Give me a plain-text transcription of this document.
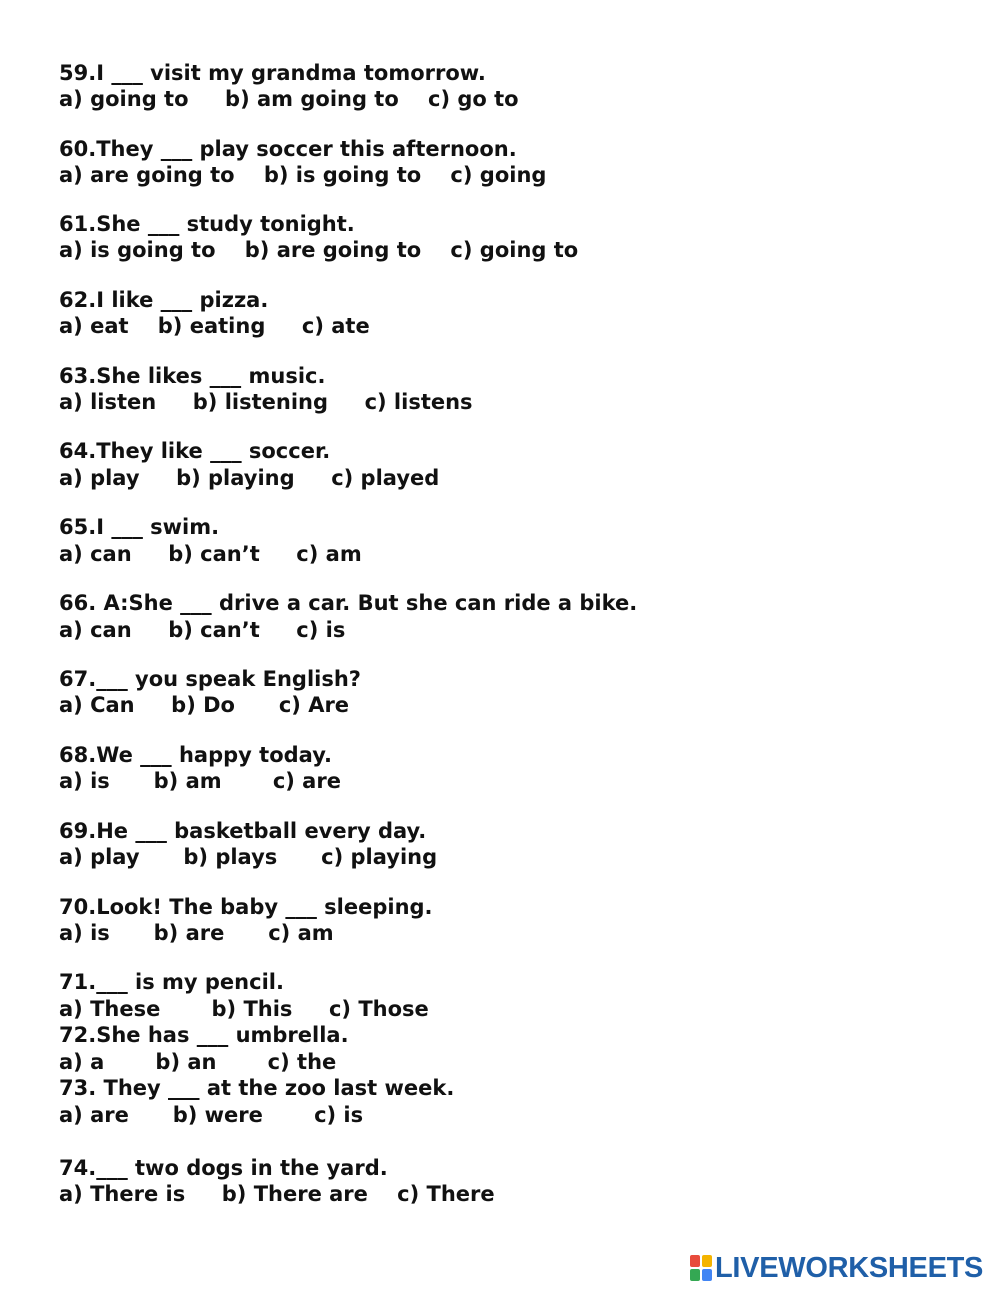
59.I ___ visit my grandma tomorrow.

a) going to     b) am going to    c) go to

60.They ___ play soccer this afternoon.

a) are going to    b) is going to    c) going

61.She ___ study tonight.

a) is going to    b) are going to    c) going to

62.I like ___ pizza.

a) eat    b) eating     c) ate

63.She likes ___ music.

a) listen     b) listening     c) listens

64.They like ___ soccer.

a) play     b) playing     c) played

65.I ___ swim.

a) can     b) can’t     c) am

66. A:She ___ drive a car. But she can ride a bike.

a) can     b) can’t     c) is

67.___ you speak English?

a) Can     b) Do      c) Are

68.We ___ happy today.

a) is      b) am       c) are

69.He ___ basketball every day.

a) play      b) plays      c) playing

70.Look! The baby ___ sleeping.

a) is      b) are      c) am

71.___ is my pencil.

a) These       b) This     c) Those

72.She has ___ umbrella.

a) a       b) an       c) the

73. They ___ at the zoo last week.

a) are      b) were       c) is

74.___ two dogs in the yard.

a) There is     b) There are    c) There

LIVEWORKSHEETS
